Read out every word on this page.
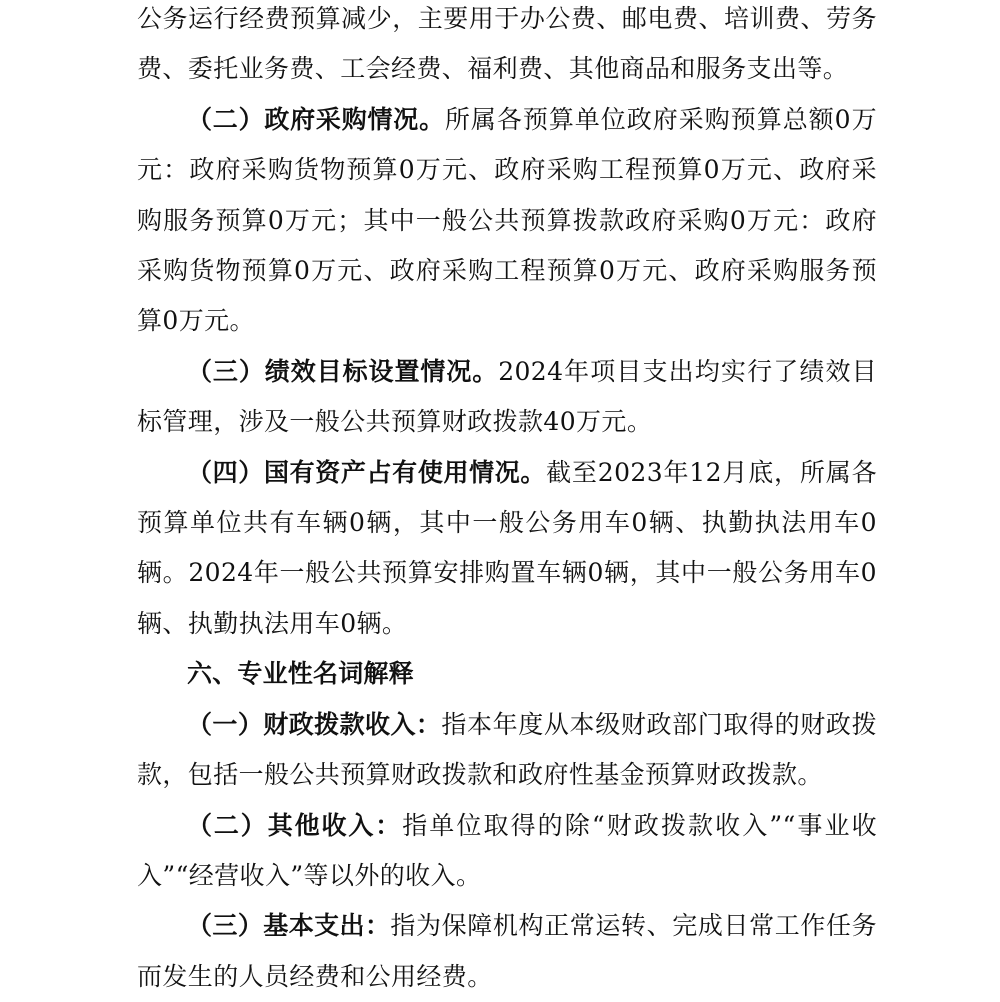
公务运行经费预算减少，主要用于办公费、邮电费、培训费、劳务费、委托业务费、工会经费、福利费、其他商品和服务支出等。

（二）政府采购情况。所属各预算单位政府采购预算总额0万元：政府采购货物预算0万元、政府采购工程预算0万元、政府采购服务预算0万元；其中一般公共预算拨款政府采购0万元：政府采购货物预算0万元、政府采购工程预算0万元、政府采购服务预算0万元。

（三）绩效目标设置情况。2024年项目支出均实行了绩效目标管理，涉及一般公共预算财政拨款40万元。

（四）国有资产占有使用情况。截至2023年12月底，所属各预算单位共有车辆0辆，其中一般公务用车0辆、执勤执法用车0辆。2024年一般公共预算安排购置车辆0辆，其中一般公务用车0辆、执勤执法用车0辆。

六、专业性名词解释

（一）财政拨款收入：指本年度从本级财政部门取得的财政拨款，包括一般公共预算财政拨款和政府性基金预算财政拨款。

（二）其他收入：指单位取得的除“财政拨款收入”“事业收入”“经营收入”等以外的收入。

（三）基本支出：指为保障机构正常运转、完成日常工作任务而发生的人员经费和公用经费。
